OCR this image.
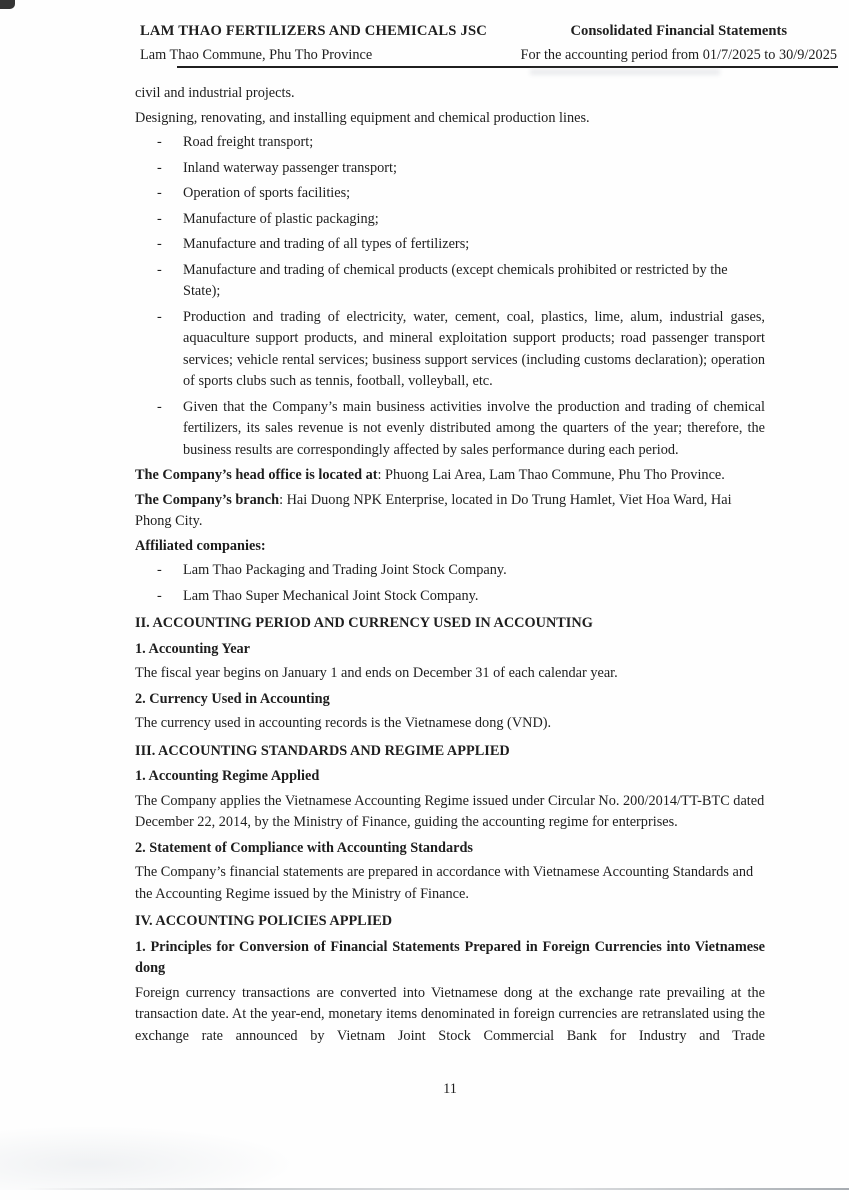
LAM THAO FERTILIZERS AND CHEMICALS JSC
Lam Thao Commune, Phu Tho Province
Consolidated Financial Statements
For the accounting period from 01/7/2025 to 30/9/2025

civil and industrial projects.

Designing, renovating, and installing equipment and chemical production lines.

-	Road freight transport;
-	Inland waterway passenger transport;
-	Operation of sports facilities;
-	Manufacture of plastic packaging;
-	Manufacture and trading of all types of fertilizers;
-	Manufacture and trading of chemical products (except chemicals prohibited or restricted by the State);
-	Production and trading of electricity, water, cement, coal, plastics, lime, alum, industrial gases, aquaculture support products, and mineral exploitation support products; road passenger transport services; vehicle rental services; business support services (including customs declaration); operation of sports clubs such as tennis, football, volleyball, etc.
-	Given that the Company’s main business activities involve the production and trading of chemical fertilizers, its sales revenue is not evenly distributed among the quarters of the year; therefore, the business results are correspondingly affected by sales performance during each period.

The Company’s head office is located at: Phuong Lai Area, Lam Thao Commune, Phu Tho Province.

The Company’s branch: Hai Duong NPK Enterprise, located in Do Trung Hamlet, Viet Hoa Ward, Hai Phong City.

Affiliated companies:

-	Lam Thao Packaging and Trading Joint Stock Company.
-	Lam Thao Super Mechanical Joint Stock Company.
II. ACCOUNTING PERIOD AND CURRENCY USED IN ACCOUNTING
1. Accounting Year

The fiscal year begins on January 1 and ends on December 31 of each calendar year.

2. Currency Used in Accounting

The currency used in accounting records is the Vietnamese dong (VND).

III. ACCOUNTING STANDARDS AND REGIME APPLIED
1. Accounting Regime Applied

The Company applies the Vietnamese Accounting Regime issued under Circular No. 200/2014/TT-BTC dated December 22, 2014, by the Ministry of Finance, guiding the accounting regime for enterprises.

2. Statement of Compliance with Accounting Standards

The Company’s financial statements are prepared in accordance with Vietnamese Accounting Standards and the Accounting Regime issued by the Ministry of Finance.

IV. ACCOUNTING POLICIES APPLIED
1. Principles for Conversion of Financial Statements Prepared in Foreign Currencies into Vietnamese dong

Foreign currency transactions are converted into Vietnamese dong at the exchange rate prevailing at the transaction date. At the year-end, monetary items denominated in foreign currencies are retranslated using the exchange rate announced by Vietnam Joint Stock Commercial Bank for Industry and Trade

11
